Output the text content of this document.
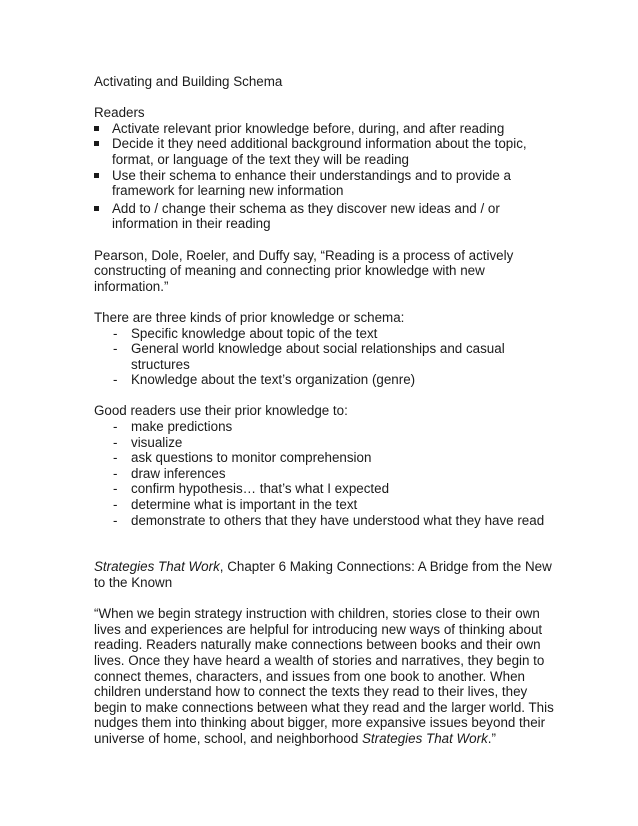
Activating and Building Schema

Readers

Activate relevant prior knowledge before, during, and after reading
Decide it they need additional background information about the topic, format, or language of the text they will be reading
Use their schema to enhance their understandings and to provide a framework for learning new information
Add to / change their schema as they discover new ideas and / or information in their reading

Pearson, Dole, Roeler, and Duffy say, “Reading is a process of actively constructing of meaning and connecting prior knowledge with new information.”

There are three kinds of prior knowledge or schema:

- Specific knowledge about topic of the text
- General world knowledge about social relationships and casual structures
- Knowledge about the text’s organization (genre)

Good readers use their prior knowledge to:

- make predictions
- visualize
- ask questions to monitor comprehension
- draw inferences
- confirm hypothesis… that’s what I expected
- determine what is important in the text
- demonstrate to others that they have understood what they have read

Strategies That Work, Chapter 6 Making Connections: A Bridge from the New to the Known

“When we begin strategy instruction with children, stories close to their own lives and experiences are helpful for introducing new ways of thinking about reading. Readers naturally make connections between books and their own lives. Once they have heard a wealth of stories and narratives, they begin to connect themes, characters, and issues from one book to another. When children understand how to connect the texts they read to their lives, they begin to make connections between what they read and the larger world. This nudges them into thinking about bigger, more expansive issues beyond their universe of home, school, and neighborhood Strategies That Work.”
